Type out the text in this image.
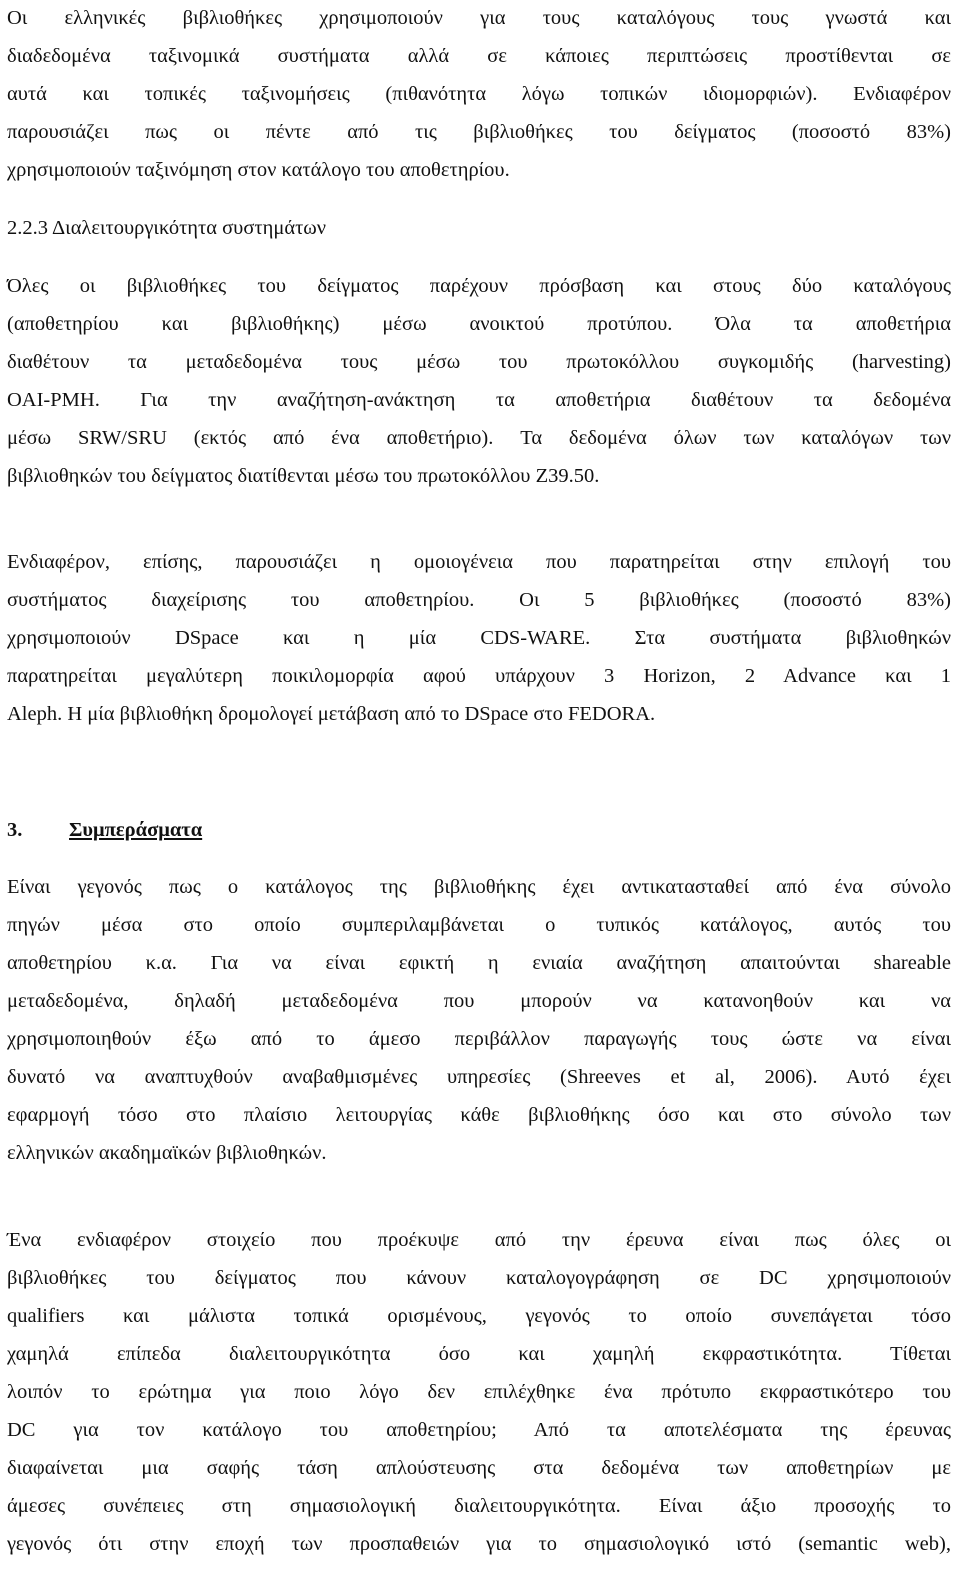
Οι ελληνικές βιβλιοθήκες χρησιμοποιούν για τους καταλόγους τους γνωστά και
διαδεδομένα ταξινομικά συστήματα αλλά σε κάποιες περιπτώσεις προστίθενται σε
αυτά και τοπικές ταξινομήσεις (πιθανότητα λόγω τοπικών ιδιομορφιών). Ενδιαφέρον
παρουσιάζει πως οι πέντε από τις βιβλιοθήκες του δείγματος (ποσοστό 83%)
χρησιμοποιούν ταξινόμηση στον κατάλογο του αποθετηρίου.
2.2.3 Διαλειτουργικότητα συστημάτων
Όλες οι βιβλιοθήκες του δείγματος παρέχουν πρόσβαση και στους δύο καταλόγους
(αποθετηρίου και βιβλιοθήκης) μέσω ανοικτού προτύπου. Όλα τα αποθετήρια
διαθέτουν τα μεταδεδομένα τους μέσω του πρωτοκόλλου συγκομιδής (harvesting)
OAI-PMH. Για την αναζήτηση-ανάκτηση τα αποθετήρια διαθέτουν τα δεδομένα
μέσω SRW/SRU (εκτός από ένα αποθετήριο). Τα δεδομένα όλων των καταλόγων των
βιβλιοθηκών του δείγματος διατίθενται μέσω του πρωτοκόλλου Z39.50.
Ενδιαφέρον, επίσης, παρουσιάζει η ομοιογένεια που παρατηρείται στην επιλογή του
συστήματος διαχείρισης του αποθετηρίου. Οι 5 βιβλιοθήκες (ποσοστό 83%)
χρησιμοποιούν DSpace και η μία CDS-WARE. Στα συστήματα βιβλιοθηκών
παρατηρείται μεγαλύτερη ποικιλομορφία αφού υπάρχουν 3 Horizon, 2 Advance και 1
Aleph. Η μία βιβλιοθήκη δρομολογεί μετάβαση από το DSpace στο FEDORA.
3. Συμπεράσματα
Είναι γεγονός πως ο κατάλογος της βιβλιοθήκης έχει αντικατασταθεί από ένα σύνολο
πηγών μέσα στο οποίο συμπεριλαμβάνεται ο τυπικός κατάλογος, αυτός του
αποθετηρίου κ.α. Για να είναι εφικτή η ενιαία αναζήτηση απαιτούνται shareable
μεταδεδομένα, δηλαδή μεταδεδομένα που μπορούν να κατανοηθούν και να
χρησιμοποιηθούν έξω από το άμεσο περιβάλλον παραγωγής τους ώστε να είναι
δυνατό να αναπτυχθούν αναβαθμισμένες υπηρεσίες (Shreeves et al, 2006). Αυτό έχει
εφαρμογή τόσο στο πλαίσιο λειτουργίας κάθε βιβλιοθήκης όσο και στο σύνολο των
ελληνικών ακαδημαϊκών βιβλιοθηκών.
Ένα ενδιαφέρον στοιχείο που προέκυψε από την έρευνα είναι πως όλες οι
βιβλιοθήκες του δείγματος που κάνουν καταλογογράφηση σε DC χρησιμοποιούν
qualifiers και μάλιστα τοπικά ορισμένους, γεγονός το οποίο συνεπάγεται τόσο
χαμηλά επίπεδα διαλειτουργικότητα όσο και χαμηλή εκφραστικότητα. Τίθεται
λοιπόν το ερώτημα για ποιο λόγο δεν επιλέχθηκε ένα πρότυπο εκφραστικότερο του
DC για τον κατάλογο του αποθετηρίου; Από τα αποτελέσματα της έρευνας
διαφαίνεται μια σαφής τάση απλούστευσης στα δεδομένα των αποθετηρίων με
άμεσες συνέπειες στη σημασιολογική διαλειτουργικότητα. Είναι άξιο προσοχής το
γεγονός ότι στην εποχή των προσπαθειών για το σημασιολογικό ιστό (semantic web),
